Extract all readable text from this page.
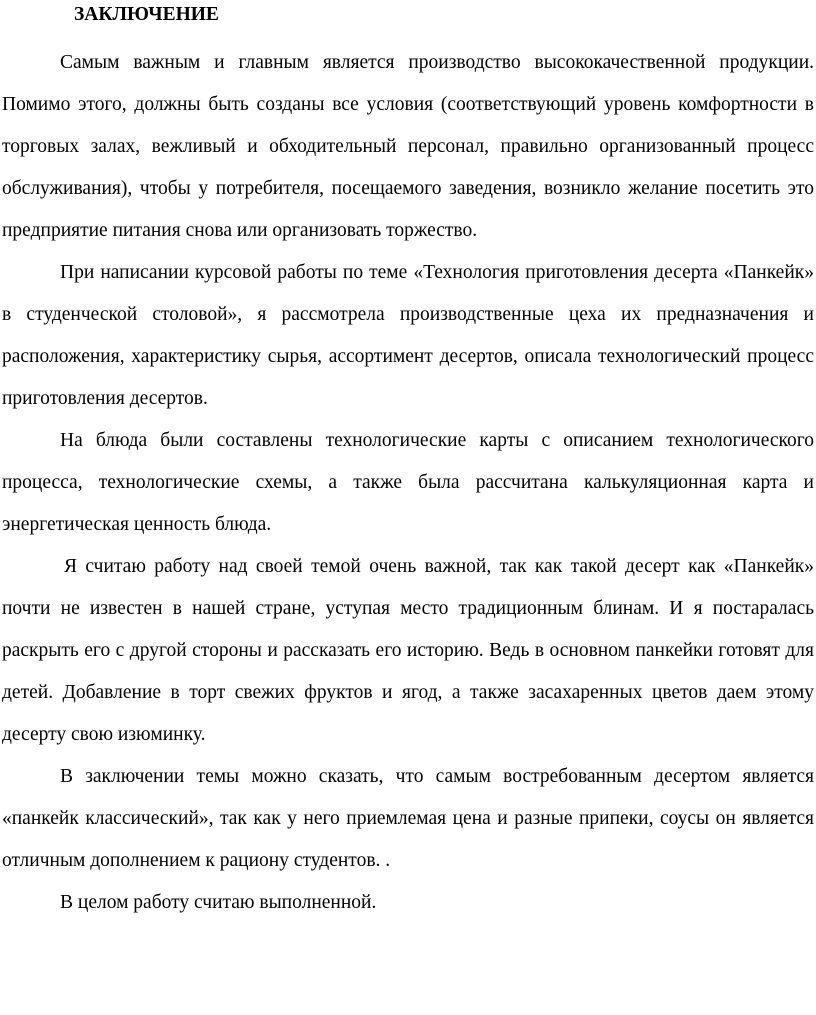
ЗАКЛЮЧЕНИЕ

Самым важным и главным является производство высококачественной продукции. Помимо этого, должны быть созданы все условия (соответствующий уровень комфортности в торговых залах, вежливый и обходительный персонал, правильно организованный процесс обслуживания), чтобы у потребителя, посещаемого заведения, возникло желание посетить это предприятие питания снова или организовать торжество.

При написании курсовой работы по теме «Технология приготовления десерта «Панкейк» в студенческой столовой», я рассмотрела производственные цеха их предназначения и расположения, характеристику сырья, ассортимент десертов, описала технологический процесс приготовления десертов.

На блюда были составлены технологические карты с описанием технологического процесса, технологические схемы, а также была рассчитана калькуляционная карта и энергетическая ценность блюда.

Я считаю работу над своей темой очень важной, так как такой десерт как «Панкейк» почти не известен в нашей стране, уступая место традиционным блинам. И я постаралась раскрыть его с другой стороны и рассказать его историю. Ведь в основном панкейки готовят для детей. Добавление в торт свежих фруктов и ягод, а также засахаренных цветов даем этому десерту свою изюминку.

В заключении темы можно сказать, что самым востребованным десертом является «панкейк классический», так как у него приемлемая цена и разные припеки, соусы он является отличным дополнением к рациону студентов. .

В целом работу считаю выполненной.
